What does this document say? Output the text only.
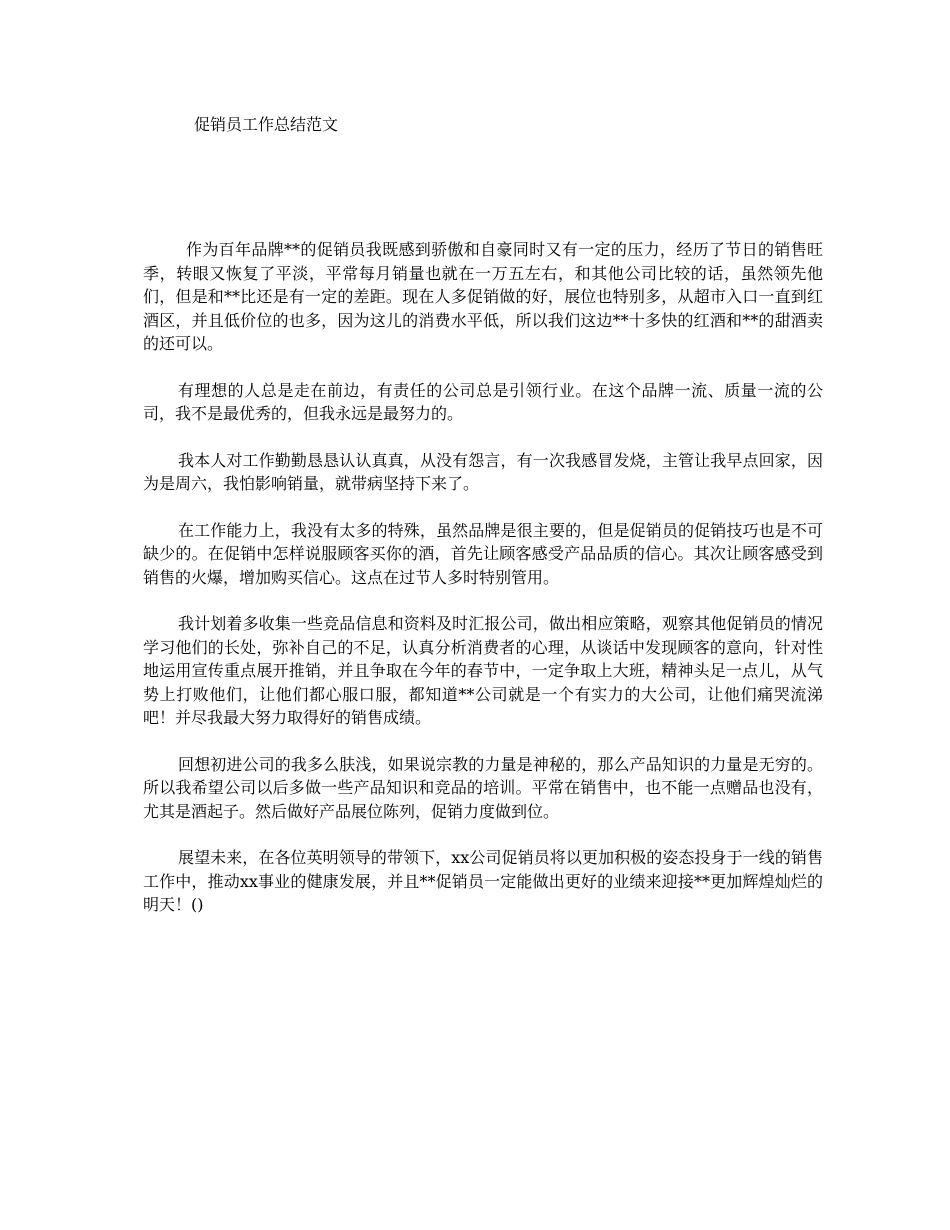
促销员工作总结范文

作为百年品牌**的促销员我既感到骄傲和自豪同时又有一定的压力，经历了节日的销售旺季，转眼又恢复了平淡，平常每月销量也就在一万五左右，和其他公司比较的话，虽然领先他们，但是和**比还是有一定的差距。现在人多促销做的好，展位也特别多，从超市入口一直到红酒区，并且低价位的也多，因为这儿的消费水平低，所以我们这边**十多快的红酒和**的甜酒卖的还可以。

有理想的人总是走在前边，有责任的公司总是引领行业。在这个品牌一流、质量一流的公司，我不是最优秀的，但我永远是最努力的。

我本人对工作勤勤恳恳认认真真，从没有怨言，有一次我感冒发烧，主管让我早点回家，因为是周六，我怕影响销量，就带病坚持下来了。

在工作能力上，我没有太多的特殊，虽然品牌是很主要的，但是促销员的促销技巧也是不可缺少的。在促销中怎样说服顾客买你的酒，首先让顾客感受产品品质的信心。其次让顾客感受到销售的火爆，增加购买信心。这点在过节人多时特别管用。

我计划着多收集一些竞品信息和资料及时汇报公司，做出相应策略，观察其他促销员的情况学习他们的长处，弥补自己的不足，认真分析消费者的心理，从谈话中发现顾客的意向，针对性地运用宣传重点展开推销，并且争取在今年的春节中，一定争取上大班，精神头足一点儿，从气势上打败他们，让他们都心服口服，都知道**公司就是一个有实力的大公司，让他们痛哭流涕吧！并尽我最大努力取得好的销售成绩。

回想初进公司的我多么肤浅，如果说宗教的力量是神秘的，那么产品知识的力量是无穷的。所以我希望公司以后多做一些产品知识和竞品的培训。平常在销售中，也不能一点赠品也没有，尤其是酒起子。然后做好产品展位陈列，促销力度做到位。

展望未来，在各位英明领导的带领下，xx公司促销员将以更加积极的姿态投身于一线的销售工作中，推动xx事业的健康发展，并且**促销员一定能做出更好的业绩来迎接**更加辉煌灿烂的明天！()
